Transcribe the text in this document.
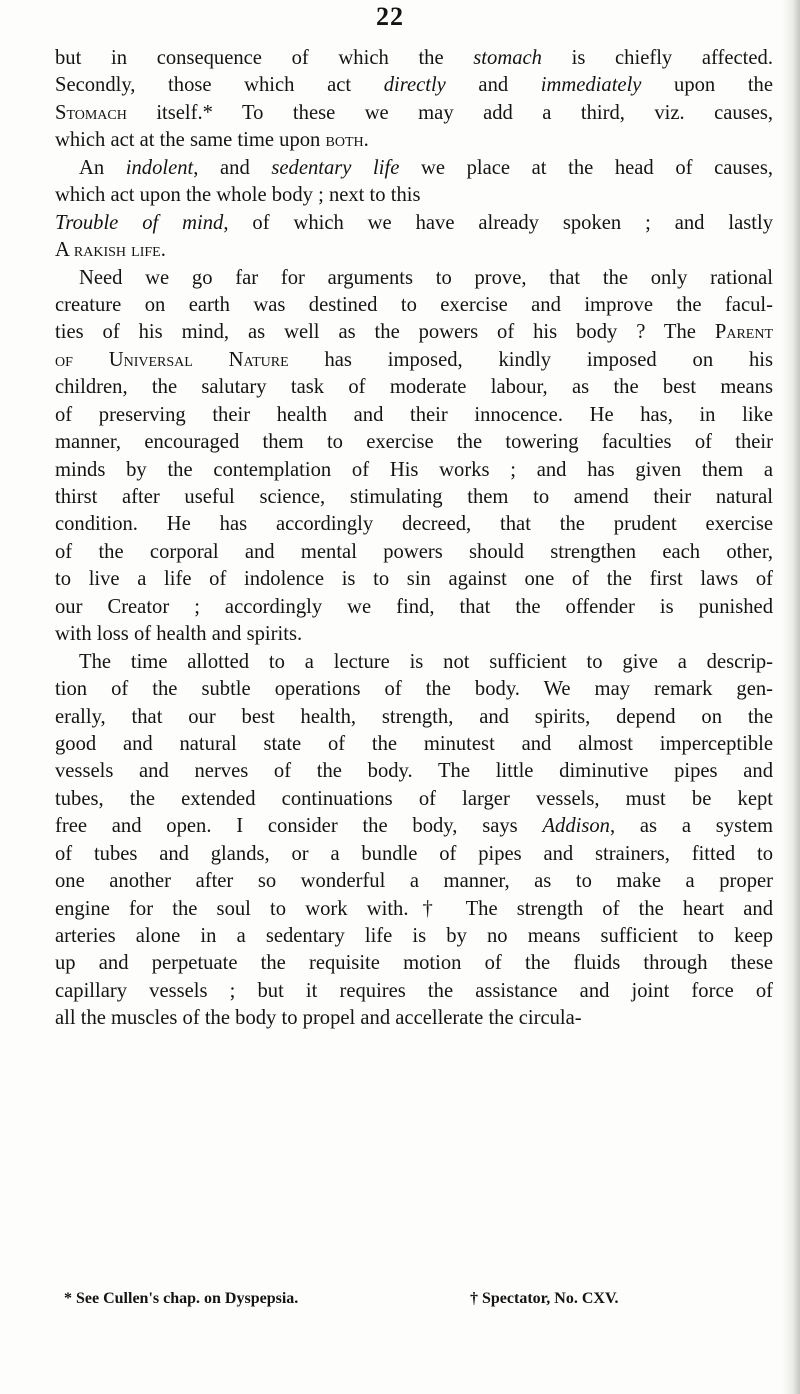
22
but in consequence of which the stomach is chiefly affected.
Secondly, those which act directly and immediately upon the
Stomach itself.* To these we may add a third, viz. causes,
which act at the same time upon both.
An indolent, and sedentary life we place at the head of causes,
which act upon the whole body ; next to this
Trouble of mind, of which we have already spoken ; and lastly
A rakish life.
Need we go far for arguments to prove, that the only rational
creature on earth was destined to exercise and improve the facul-
ties of his mind, as well as the powers of his body ? The Parent
of Universal Nature has imposed, kindly imposed on his
children, the salutary task of moderate labour, as the best means
of preserving their health and their innocence. He has, in like
manner, encouraged them to exercise the towering faculties of their
minds by the contemplation of His works ; and has given them a
thirst after useful science, stimulating them to amend their natural
condition. He has accordingly decreed, that the prudent exercise
of the corporal and mental powers should strengthen each other,
to live a life of indolence is to sin against one of the first laws of
our Creator ; accordingly we find, that the offender is punished
with loss of health and spirits.
The time allotted to a lecture is not sufficient to give a descrip-
tion of the subtle operations of the body. We may remark gen-
erally, that our best health, strength, and spirits, depend on the
good and natural state of the minutest and almost imperceptible
vessels and nerves of the body. The little diminutive pipes and
tubes, the extended continuations of larger vessels, must be kept
free and open. I consider the body, says Addison, as a system
of tubes and glands, or a bundle of pipes and strainers, fitted to
one another after so wonderful a manner, as to make a proper
engine for the soul to work with.† The strength of the heart and
arteries alone in a sedentary life is by no means sufficient to keep
up and perpetuate the requisite motion of the fluids through these
capillary vessels ; but it requires the assistance and joint force of
all the muscles of the body to propel and accellerate the circula-
* See Cullen's chap. on Dyspepsia.	† Spectator, No. CXV.
